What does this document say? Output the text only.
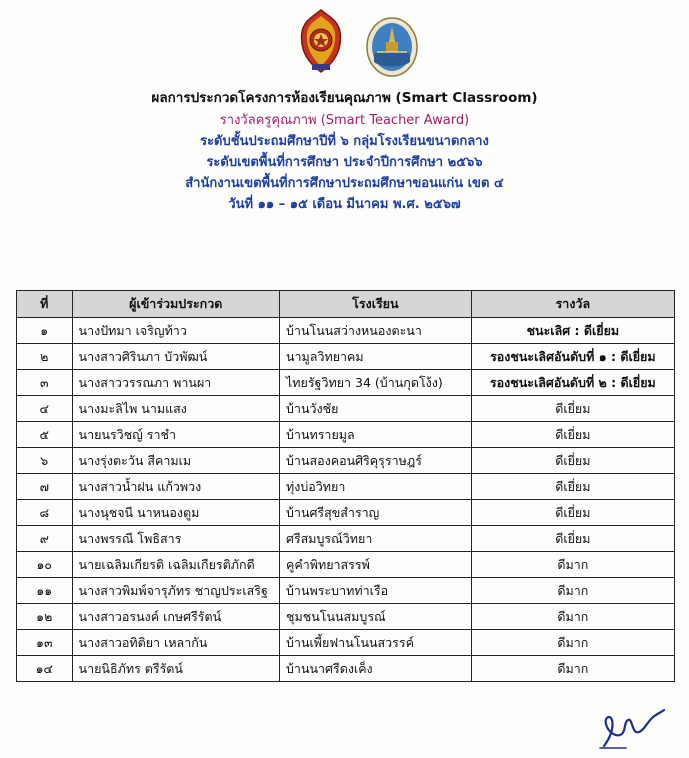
ผลการประกวดโครงการห้องเรียนคุณภาพ (Smart Classroom)
รางวัลครูคุณภาพ (Smart Teacher Award)
ระดับชั้นประถมศึกษาปีที่ ๖ กลุ่มโรงเรียนขนาดกลาง
ระดับเขตพื้นที่การศึกษา ประจำปีการศึกษา ๒๕๖๖
สำนักงานเขตพื้นที่การศึกษาประถมศึกษาขอนแก่น เขต ๔
วันที่ ๑๑ – ๑๕ เดือน มีนาคม พ.ศ. ๒๕๖๗
ที่	ผู้เข้าร่วมประกวด	โรงเรียน	รางวัล
๑	นางปัทมา เจริญท้าว	บ้านโนนสว่างหนองตะนา	ชนะเลิศ : ดีเยี่ยม
๒	นางสาวศิรินภา บัวพัฒน์	นามูลวิทยาคม	รองชนะเลิศอันดับที่ ๑ : ดีเยี่ยม
๓	นางสาววรรณภา พานผา	ไทยรัฐวิทยา 34 (บ้านกุดโง้ง)	รองชนะเลิศอันดับที่ ๒ : ดีเยี่ยม
๔	นางมะลิไพ นามแสง	บ้านวังชัย	ดีเยี่ยม
๕	นายนรวิชญ์ ราชำ	บ้านทรายมูล	ดีเยี่ยม
๖	นางรุ่งตะวัน สีคามเม	บ้านสองคอนศิริคุรุราษฎร์	ดีเยี่ยม
๗	นางสาวน้ำฝน แก้วพวง	ทุ่งบ่อวิทยา	ดีเยี่ยม
๘	นางนุชจนี นาหนองตูม	บ้านศรีสุขสำราญ	ดีเยี่ยม
๙	นางพรรณี โพธิสาร	ศรีสมบูรณ์วิทยา	ดีเยี่ยม
๑๐	นายเฉลิมเกียรติ เฉลิมเกียรติภักดี	คูคำพิทยาสรรพ์	ดีมาก
๑๑	นางสาวพิมพ์จารุภัทร ชาญประเสริฐ	บ้านพระบาทท่าเรือ	ดีมาก
๑๒	นางสาวอรนงค์ เกษศรีรัตน์	ชุมชนโนนสมบูรณ์	ดีมาก
๑๓	นางสาวอทิติยา เหลากัน	บ้านเพี้ยฟานโนนสวรรค์	ดีมาก
๑๔	นายนิธิภัทร ตรีรัตน์	บ้านนาศรีดงเค็ง	ดีมาก
